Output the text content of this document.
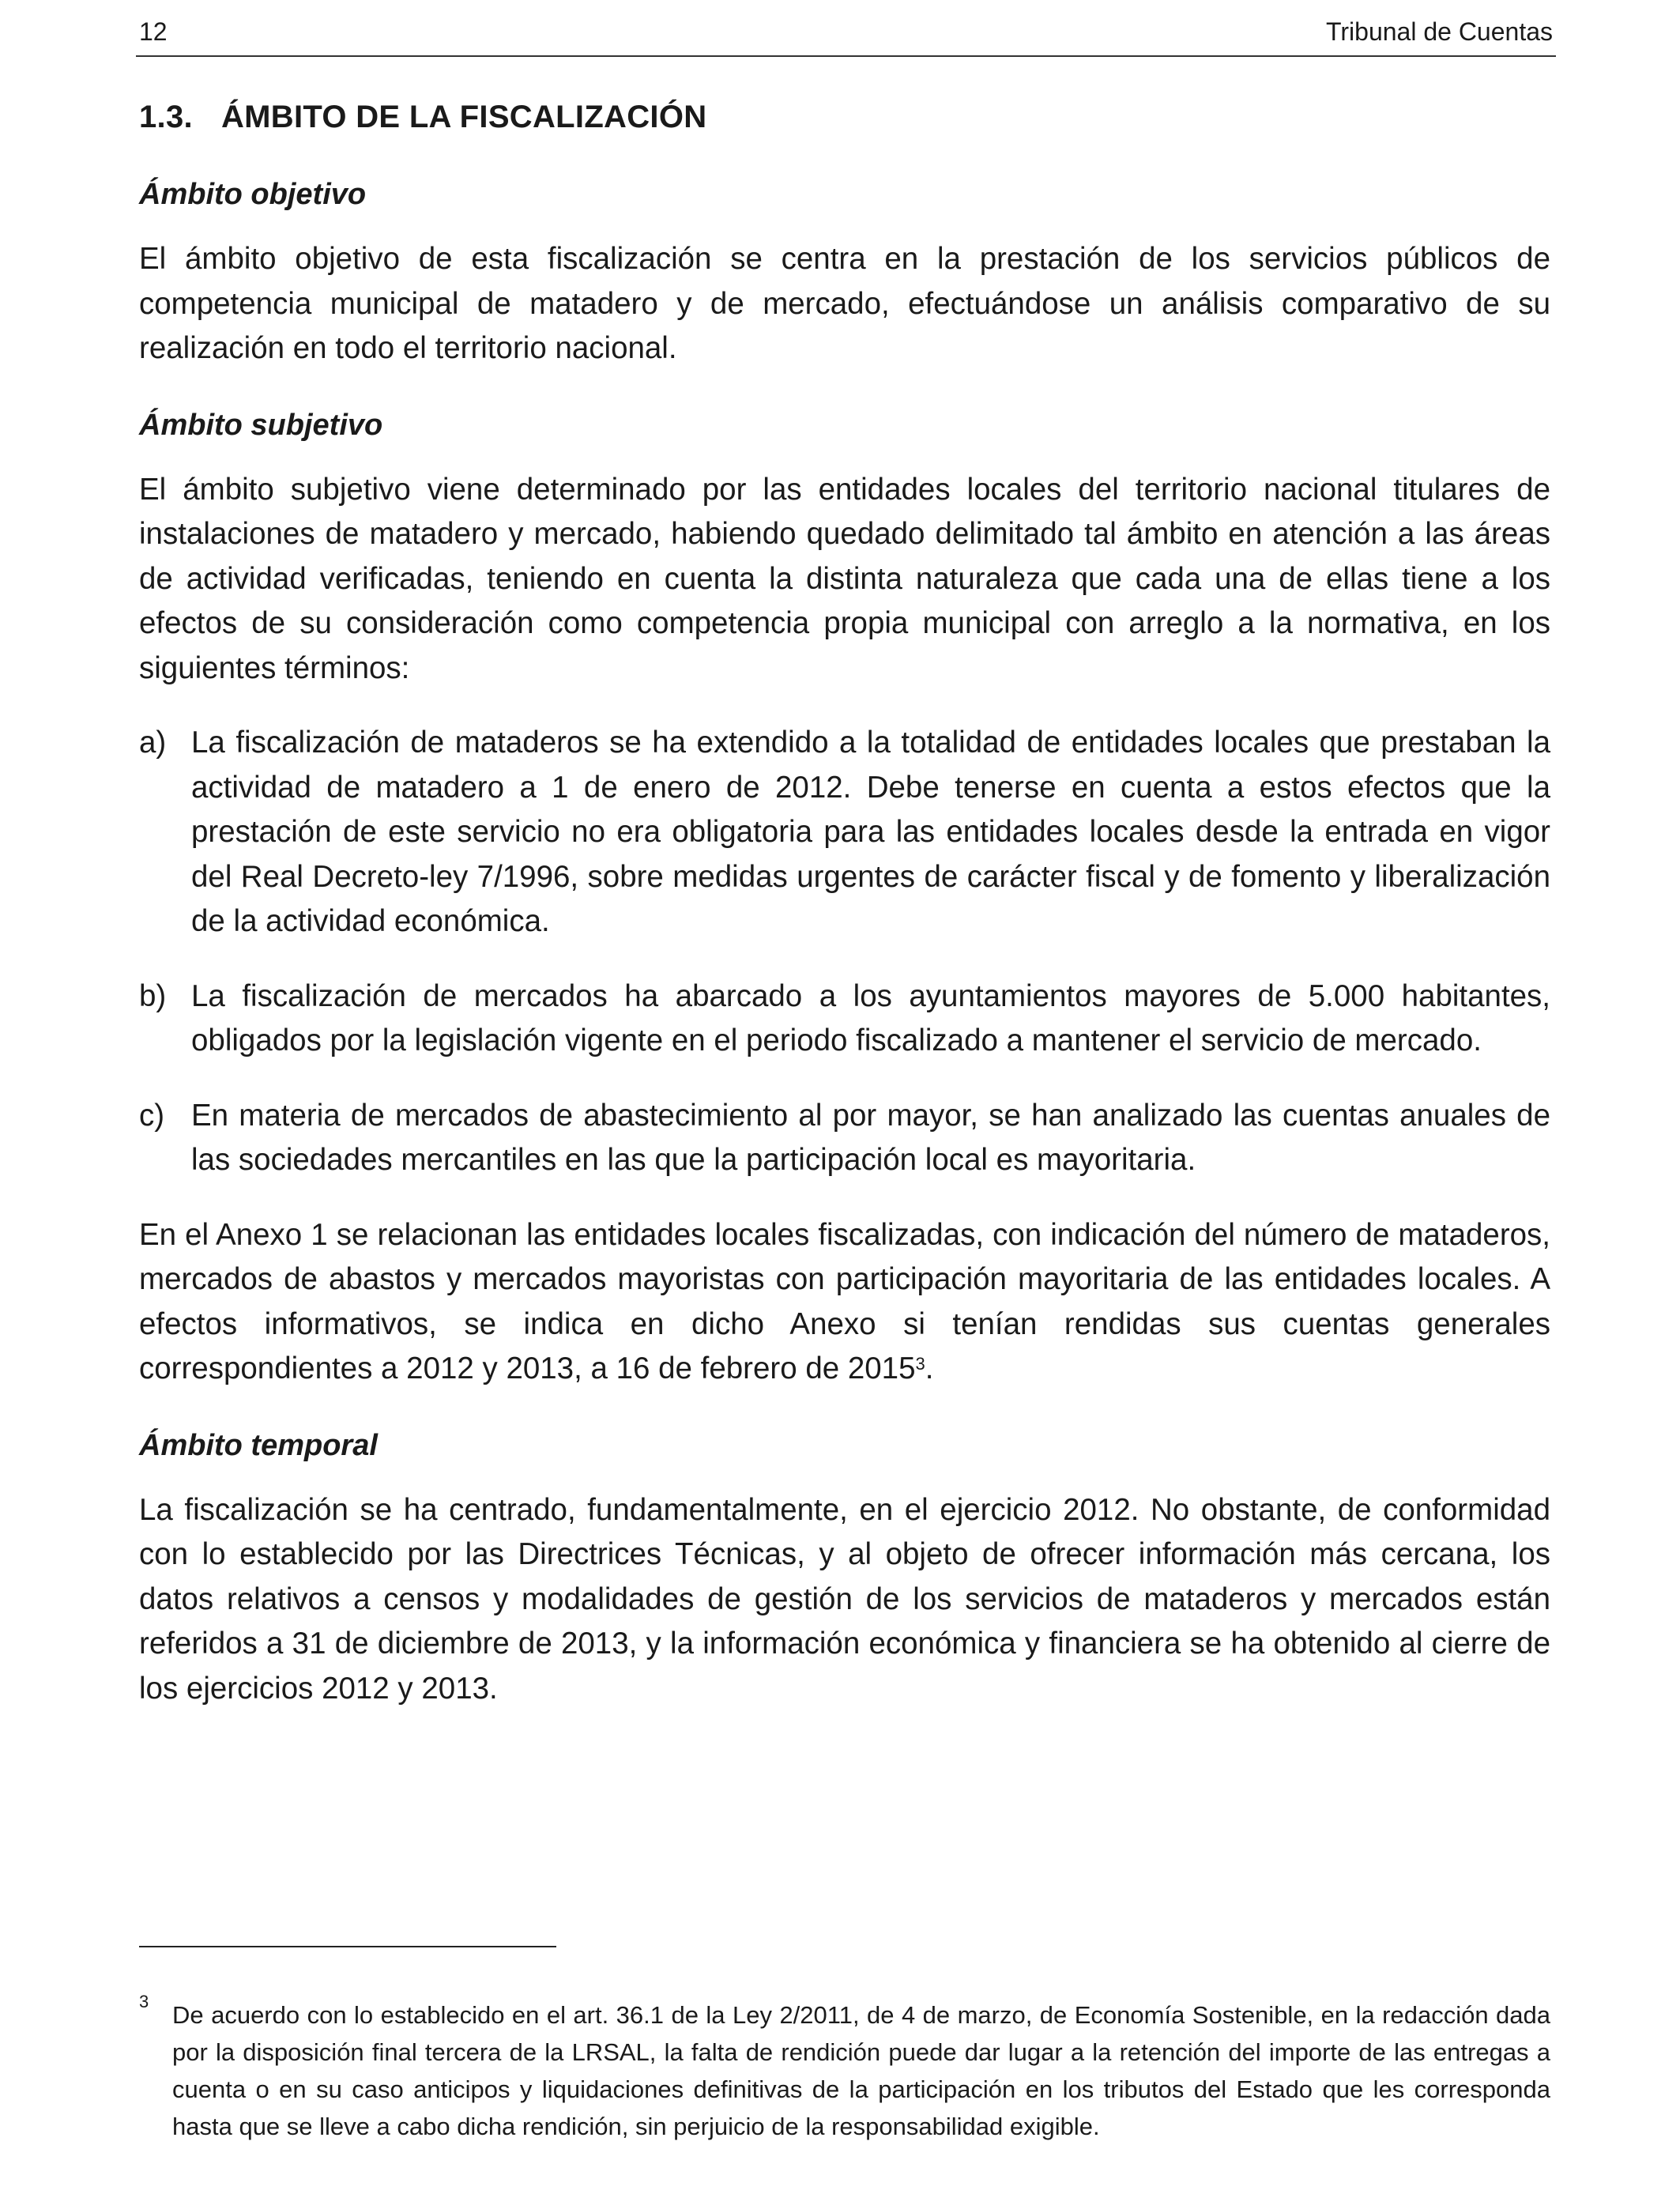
12	Tribunal de Cuentas
1.3. ÁMBITO DE LA FISCALIZACIÓN
Ámbito objetivo

El ámbito objetivo de esta fiscalización se centra en la prestación de los servicios públicos de competencia municipal de matadero y de mercado, efectuándose un análisis comparativo de su realización en todo el territorio nacional.

Ámbito subjetivo

El ámbito subjetivo viene determinado por las entidades locales del territorio nacional titulares de instalaciones de matadero y mercado, habiendo quedado delimitado tal ámbito en atención a las áreas de actividad verificadas, teniendo en cuenta la distinta naturaleza que cada una de ellas tiene a los efectos de su consideración como competencia propia municipal con arreglo a la normativa, en los siguientes términos:

a) La fiscalización de mataderos se ha extendido a la totalidad de entidades locales que prestaban la actividad de matadero a 1 de enero de 2012. Debe tenerse en cuenta a estos efectos que la prestación de este servicio no era obligatoria para las entidades locales desde la entrada en vigor del Real Decreto-ley 7/1996, sobre medidas urgentes de carácter fiscal y de fomento y liberalización de la actividad económica.
b) La fiscalización de mercados ha abarcado a los ayuntamientos mayores de 5.000 habitantes, obligados por la legislación vigente en el periodo fiscalizado a mantener el servicio de mercado.
c) En materia de mercados de abastecimiento al por mayor, se han analizado las cuentas anuales de las sociedades mercantiles en las que la participación local es mayoritaria.

En el Anexo 1 se relacionan las entidades locales fiscalizadas, con indicación del número de mataderos, mercados de abastos y mercados mayoristas con participación mayoritaria de las entidades locales. A efectos informativos, se indica en dicho Anexo si tenían rendidas sus cuentas generales correspondientes a 2012 y 2013, a 16 de febrero de 2015$^3$.

Ámbito temporal

La fiscalización se ha centrado, fundamentalmente, en el ejercicio 2012. No obstante, de conformidad con lo establecido por las Directrices Técnicas, y al objeto de ofrecer información más cercana, los datos relativos a censos y modalidades de gestión de los servicios de mataderos y mercados están referidos a 31 de diciembre de 2013, y la información económica y financiera se ha obtenido al cierre de los ejercicios 2012 y 2013.

3 De acuerdo con lo establecido en el art. 36.1 de la Ley 2/2011, de 4 de marzo, de Economía Sostenible, en la redacción dada por la disposición final tercera de la LRSAL, la falta de rendición puede dar lugar a la retención del importe de las entregas a cuenta o en su caso anticipos y liquidaciones definitivas de la participación en los tributos del Estado que les corresponda hasta que se lleve a cabo dicha rendición, sin perjuicio de la responsabilidad exigible.
